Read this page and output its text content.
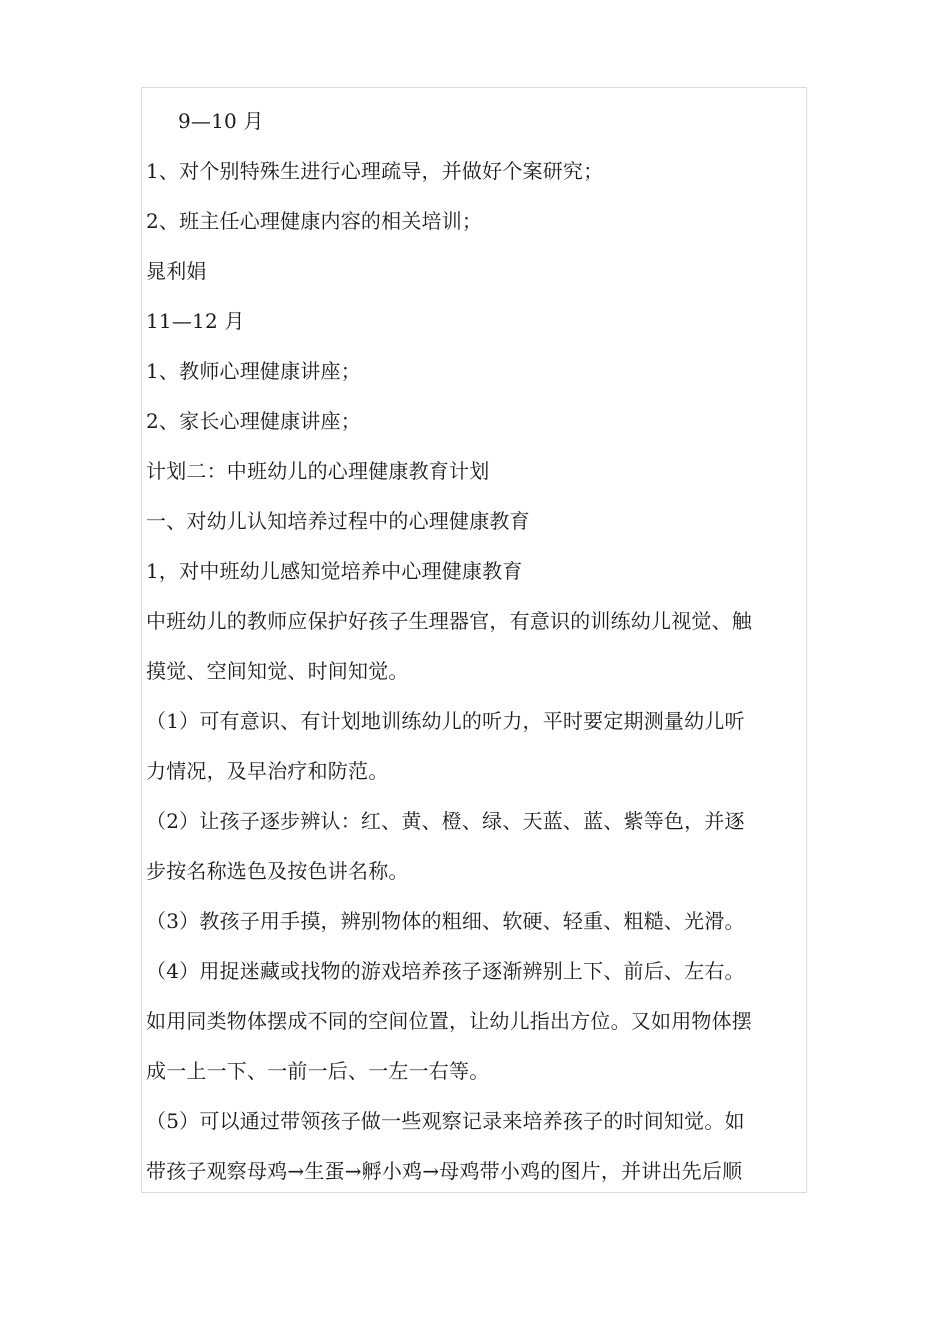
9—10 月
1、对个别特殊生进行心理疏导，并做好个案研究；
2、班主任心理健康内容的相关培训；
晁利娟
11—12 月
1、教师心理健康讲座；
2、家长心理健康讲座；
计划二：中班幼儿的心理健康教育计划
一、对幼儿认知培养过程中的心理健康教育
1，对中班幼儿感知觉培养中心理健康教育
中班幼儿的教师应保护好孩子生理器官，有意识的训练幼儿视觉、触
摸觉、空间知觉、时间知觉。
（1）可有意识、有计划地训练幼儿的听力，平时要定期测量幼儿听
力情况，及早治疗和防范。
（2）让孩子逐步辨认：红、黄、橙、绿、天蓝、蓝、紫等色，并逐
步按名称选色及按色讲名称。
（3）教孩子用手摸，辨别物体的粗细、软硬、轻重、粗糙、光滑。
（4）用捉迷藏或找物的游戏培养孩子逐渐辨别上下、前后、左右。
如用同类物体摆成不同的空间位置，让幼儿指出方位。又如用物体摆
成一上一下、一前一后、一左一右等。
（5）可以通过带领孩子做一些观察记录来培养孩子的时间知觉。如
带孩子观察母鸡→生蛋→孵小鸡→母鸡带小鸡的图片，并讲出先后顺
